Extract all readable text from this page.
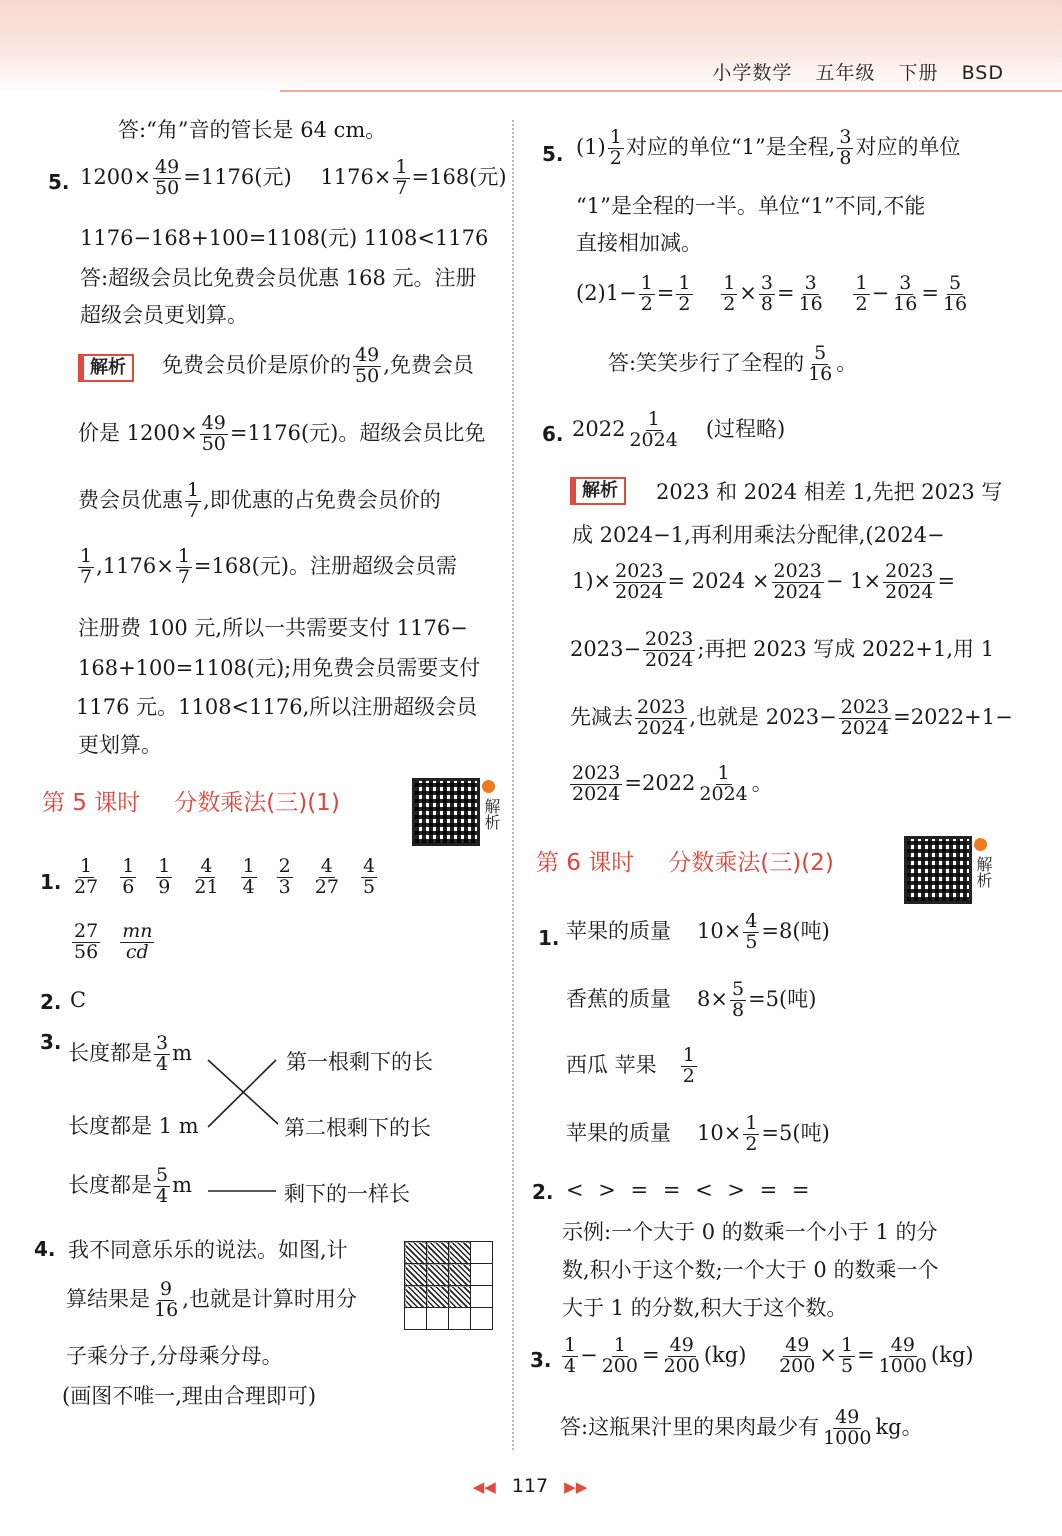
小学数学 五年级 下册 BSD
答:“角”音的管长是 64 cm。
5. $1200\times \frac{49}{50} =1176$(元) $1176\times \frac{1}{7} =168$(元)
1176−168+100=1108(元) 1108<1176
答:超级会员比免费会员优惠 168 元。注册
超级会员更划算。
解析	免费会员价是原价的 $\frac{49}{50}$ ,免费会员
价是 $1200\times \frac{49}{50} =1176$(元)。超级会员比免
费会员优惠 $\frac{1}{7}$ ,即优惠的占免费会员价的
$\frac{1}{7} ,1176\times \frac{1}{7} =168$(元)。注册超级会员需
注册费 100 元,所以一共需要支付 1176−
168+100=1108(元);用免费会员需要支付
1176 元。1108<1176,所以注册超级会员
更划算。
第 5 课时 分数乘法(三)(1)	解析
1. $\frac{1}{27} \frac{1}{6} \frac{1}{9} \frac{4}{21} \frac{1}{4} \frac{2}{3} \frac{4}{27} \frac{4}{5}$
$\frac{27}{56} \frac{mn}{cd}$
2. C
3. 长度都是 $\frac{3}{4}$ m
长度都是 1 m
长度都是 $\frac{5}{4}$ m
第一根剩下的长
第二根剩下的长
剩下的一样长
4. 我不同意乐乐的说法。如图,计
算结果是 $\frac{9}{16}$ ,也就是计算时用分
子乘分子,分母乘分母。
(画图不唯一,理由合理即可)

5. $(1) \frac{1}{2}$ 对应的单位“1”是全程, $\frac{3}{8}$ 对应的单位
“1”是全程的一半。单位“1”不同,不能
直接相加减。
$(2)1- \frac{1}{2} = \frac{1}{2}$
$\frac{1}{2} \times \frac{3}{8} = \frac{3}{16}$
$\frac{1}{2} - \frac{3}{16} = \frac{5}{16}$
答:笑笑步行了全程的 $\frac{5}{16}$ 。
6. $2022 \frac{1}{2024}$ (过程略)
解析	2023 和 2024 相差 1,先把 2023 写
成 2024−1,再利用乘法分配律,(2024−
$1)\times \frac{2023}{2024} = 2024 \times \frac{2023}{2024} - 1\times \frac{2023}{2024}$ =
$2023- \frac{2023}{2024}$ ;再把 2023 写成 2022+1,用 1
先减去 $\frac{2023}{2024}$ ,也就是 $2023- \frac{2023}{2024} =2022+1-$
$\frac{2023}{2024} =2022 \frac{1}{2024}$ 。
第 6 课时 分数乘法(三)(2)	解析
1. 苹果的质量 $10\times \frac{4}{5} =8$(吨)
香蕉的质量 $8\times \frac{5}{8} =5$(吨)
西瓜 苹果 $\frac{1}{2}$
苹果的质量 $10\times \frac{1}{2} =5$(吨)
2. < > = = < > = =
示例:一个大于 0 的数乘一个小于 1 的分
数,积小于这个数;一个大于 0 的数乘一个
大于 1 的分数,积大于这个数。
3. $\frac{1}{4} - \frac{1}{200} = \frac{49}{200} (kg) \frac{49}{200} \times \frac{1}{5} = \frac{49}{1000} (kg)$
答:这瓶果汁里的果肉最少有 $\frac{49}{1000}$ kg。
◀◀ 117 ▶▶
